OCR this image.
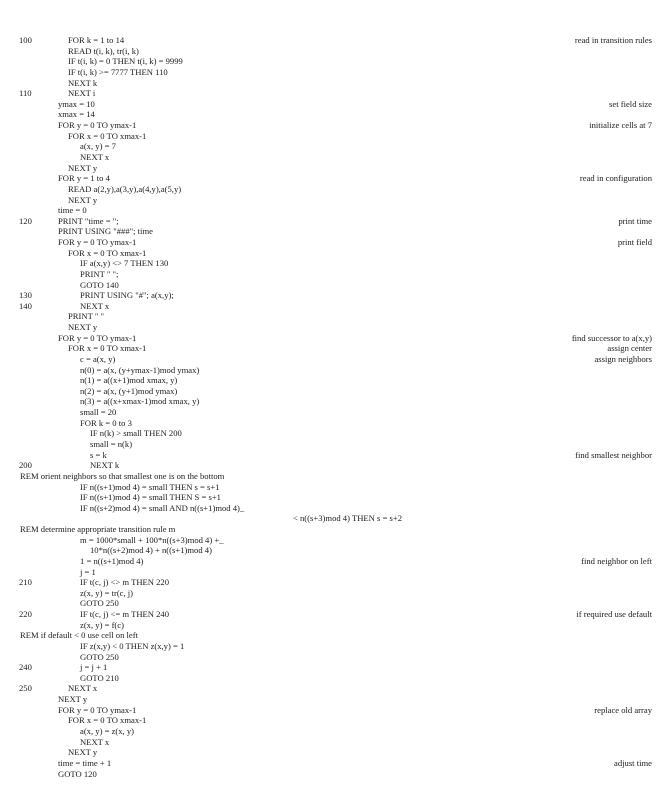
100	FOR k = 1 to 14	read in transition rules
READ t(i, k), tr(i, k)
IF t(i, k) = 0 THEN t(i, k) = 9999
IF t(i, k) >= 7777 THEN 110
NEXT k
110	NEXT i
ymax = 10	set field size
xmax = 14
FOR y = 0 TO ymax-1	initialize cells at 7
FOR x = 0 TO xmax-1
a(x, y) = 7
NEXT x
NEXT y
FOR y = 1 to 4	read in configuration
READ a(2,y),a(3,y),a(4,y),a(5,y)
NEXT y
time = 0
120	PRINT "time = ";	print time
PRINT USING "###"; time
FOR y = 0 TO ymax-1	print field
FOR x = 0 TO xmax-1
IF a(x,y) <> 7 THEN 130
PRINT " ";
GOTO 140
130	PRINT USING "#"; a(x,y);
140	NEXT x
PRINT " "
NEXT y
FOR y = 0 TO ymax-1	find successor to a(x,y)
FOR x = 0 TO xmax-1	assign center
c = a(x, y)	assign neighbors
n(0) = a(x, (y+ymax-1)mod ymax)
n(1) = a((x+1)mod xmax, y)
n(2) = a(x, (y+1)mod ymax)
n(3) = a((x+xmax-1)mod xmax, y)
small = 20
FOR k = 0 to 3
IF n(k) > small THEN 200
small = n(k)
s = k	find smallest neighbor
200	NEXT k
REM orient neighbors so that smallest one is on the bottom
IF n((s+1)mod 4) = small THEN s = s+1
IF n((s+1)mod 4) = small THEN S = s+1
IF n((s+2)mod 4) = small AND n((s+1)mod 4)_
< n((s+3)mod 4) THEN s = s+2
REM determine appropriate transition rule m
m = 1000*small + 100*n((s+3)mod 4) +_
10*n((s+2)mod 4) + n((s+1)mod 4)
1 = n((s+1)mod 4)	find neighbor on left
j = 1
210	IF t(c, j) <> m THEN 220
z(x, y) = tr(c, j)
GOTO 250
220	IF t(c, j) <= m THEN 240	if required use default
z(x, y) = f(c)
REM if default < 0 use cell on left
IF z(x,y) < 0 THEN z(x,y) = 1
GOTO 250
240	j = j + 1
GOTO 210
250	NEXT x
NEXT y
FOR y = 0 TO ymax-1	replace old array
FOR x = 0 TO xmax-1
a(x, y) = z(x, y)
NEXT x
NEXT y
time = time + 1	adjust time
GOTO 120
